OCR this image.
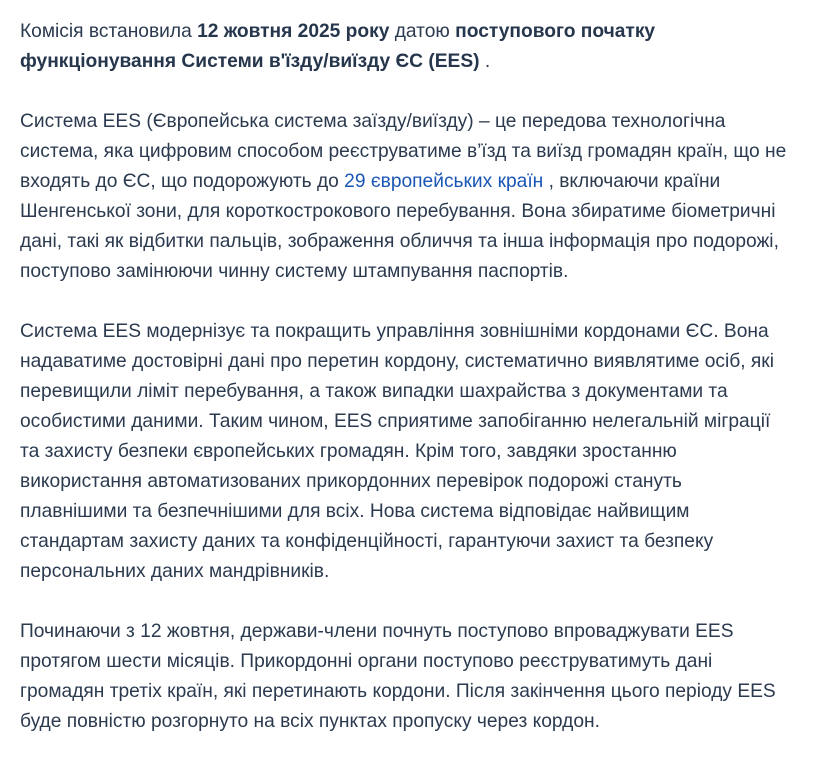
Комісія встановила 12 жовтня 2025 року датою поступового початку
функціонування Системи в'їзду/виїзду ЄС (EES) .

Система EES (Європейська система заїзду/виїзду) – це передова технологічна
система, яка цифровим способом реєструватиме в’їзд та виїзд громадян країн, що не
входять до ЄС, що подорожують до 29 європейських країн , включаючи країни
Шенгенської зони, для короткострокового перебування. Вона збиратиме біометричні
дані, такі як відбитки пальців, зображення обличчя та інша інформація про подорожі,
поступово замінюючи чинну систему штампування паспортів.

Система EES модернізує та покращить управління зовнішніми кордонами ЄС. Вона
надаватиме достовірні дані про перетин кордону, систематично виявлятиме осіб, які
перевищили ліміт перебування, а також випадки шахрайства з документами та
особистими даними. Таким чином, EES сприятиме запобіганню нелегальній міграції
та захисту безпеки європейських громадян. Крім того, завдяки зростанню
використання автоматизованих прикордонних перевірок подорожі стануть
плавнішими та безпечнішими для всіх. Нова система відповідає найвищим
стандартам захисту даних та конфіденційності, гарантуючи захист та безпеку
персональних даних мандрівників.

Починаючи з 12 жовтня, держави-члени почнуть поступово впроваджувати EES
протягом шести місяців. Прикордонні органи поступово реєструватимуть дані
громадян третіх країн, які перетинають кордони. Після закінчення цього періоду EES
буде повністю розгорнуто на всіх пунктах пропуску через кордон.
